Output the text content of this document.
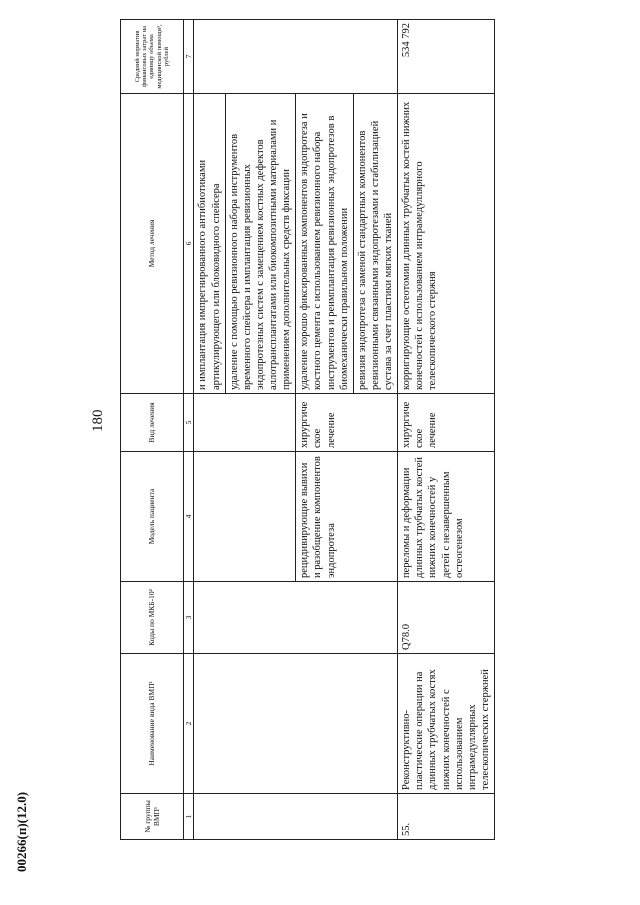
180
00266(п)(12.0)	№ группы ВМП¹	Наименование вида ВМП¹	Коды по МКБ-10²	Модель пациента	Вид лечения	Метод лечения	Средний норматив финансовых затрат на единицу объема медицинской помощи³, рублей
1	2	3	4	5	6	7
					и имплантация импрегнированного антибиотиками артикулирующего или блоковидного спейсера	
					удаление с помощью ревизионного набора инструментов временного спейсера и имплантация ревизионных эндопротезных систем с замещением костных дефектов аллотрансплантатами или биокомпозитными материалами и применением дополнительных средств фиксации	
			рецидивирующие вывихи и разобщение компонентов эндопротеза	хирургическое лечение	удаление хорошо фиксированных компонентов эндопротеза и костного цемента с использованием ревизионного набора инструментов и реимплантация ревизионных эндопротезов в биомеханически правильном положении	
					ревизия эндопротеза с заменой стандартных компонентов ревизионными связанными эндопротезами и стабилизацией сустава за счет пластики мягких тканей	
55.	Реконструктивно-пластические операции на длинных трубчатых костях нижних конечностей с использованием интрамедуллярных телескопических стержней	Q78.0	переломы и деформации длинных трубчатых костей нижних конечностей у детей с незавершенным остеогенезом	хирургическое лечение	корригирующие остеотомии длинных трубчатых костей нижних конечностей с использованием интрамедуллярного телескопического стержня	534 792
